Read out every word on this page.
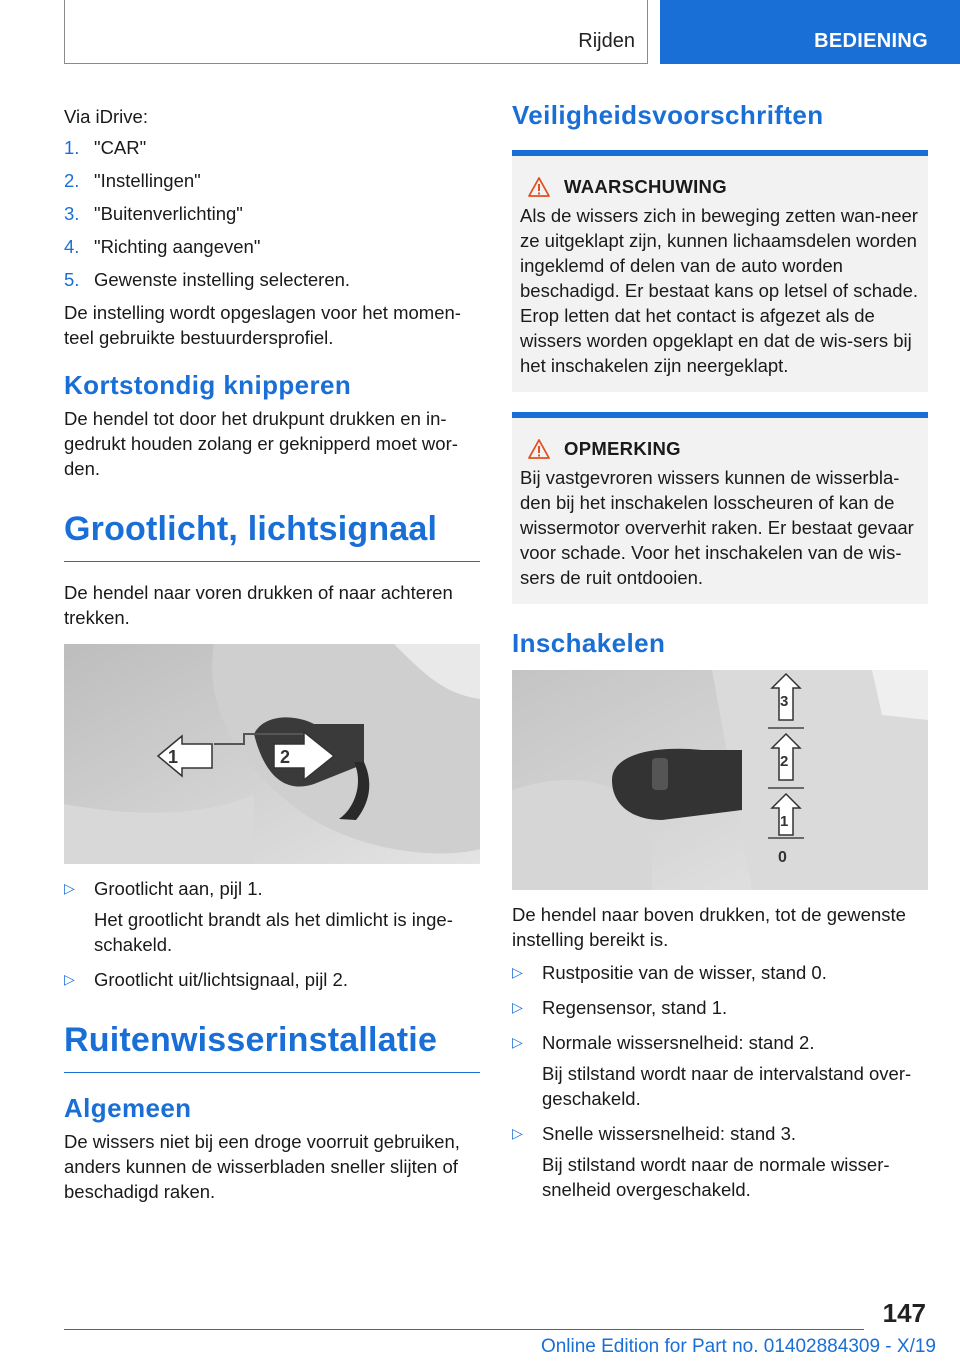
Rijden	BEDIENING

Via iDrive:

1. "CAR"
2. "Instellingen"
3. "Buitenverlichting"
4. "Richting aangeven"
5. Gewenste instelling selecteren.

De instelling wordt opgeslagen voor het momen-teel gebruikte bestuurdersprofiel.

Kortstondig knipperen

De hendel tot door het drukpunt drukken en in-gedrukt houden zolang er geknipperd moet wor-den.

Grootlicht, lichtsignaal

De hendel naar voren drukken of naar achteren trekken.

1	2
▷	Grootlicht aan, pijl 1.
Het grootlicht brandt als het dimlicht is inge-schakeld.
▷	Grootlicht uit/lichtsignaal, pijl 2.
Ruitenwisserinstallatie
Algemeen

De wissers niet bij een droge voorruit gebruiken, anders kunnen de wisserbladen sneller slijten of beschadigd raken.

Veiligheidsvoorschriften
WAARSCHUWING

Als de wissers zich in beweging zetten wan-neer ze uitgeklapt zijn, kunnen lichaamsdelen worden ingeklemd of delen van de auto worden beschadigd. Er bestaat kans op letsel of schade. Erop letten dat het contact is afgezet als de wissers worden opgeklapt en dat de wis-sers bij het inschakelen zijn neergeklapt.

OPMERKING

Bij vastgevroren wissers kunnen de wisserbla-den bij het inschakelen losscheuren of kan de wissermotor oververhit raken. Er bestaat gevaar voor schade. Voor het inschakelen van de wis-sers de ruit ontdooien.

Inschakelen
3
2
1
0

De hendel naar boven drukken, tot de gewenste instelling bereikt is.

▷	Rustpositie van de wisser, stand 0.
▷	Regensensor, stand 1.
▷	Normale wissersnelheid: stand 2.
Bij stilstand wordt naar de intervalstand over-geschakeld.
▷	Snelle wissersnelheid: stand 3.
Bij stilstand wordt naar de normale wisser-snelheid overgeschakeld.
147
Online Edition for Part no. 01402884309 - X/19
